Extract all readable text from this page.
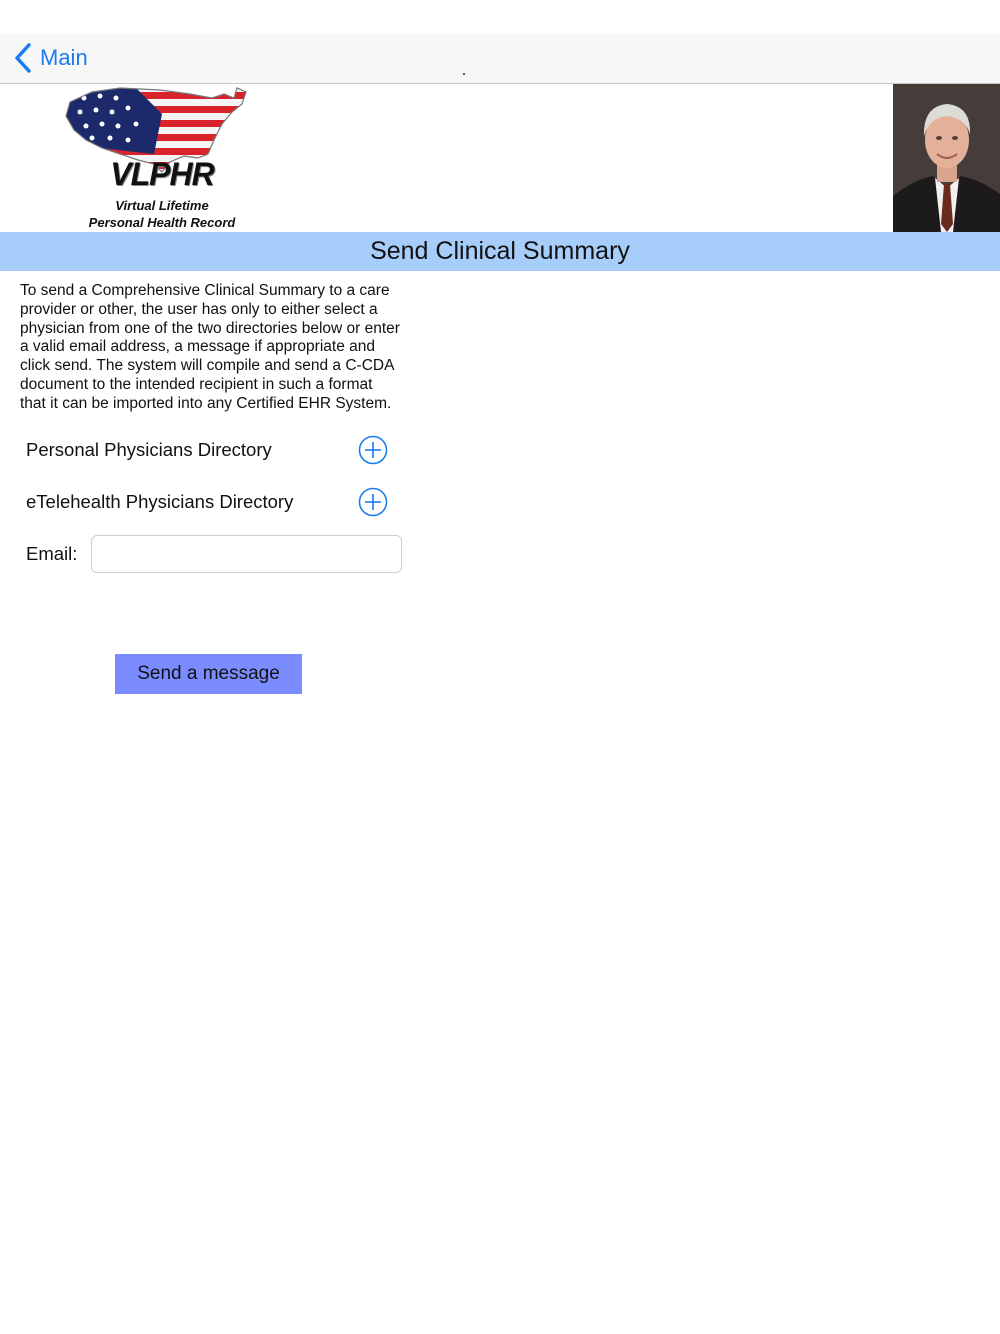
Main
VLPHR
Virtual Lifetime
Personal Health Record
Send Clinical Summary
To send a Comprehensive Clinical Summary to a care provider or other, the user has only to either select a physician from one of the two directories below or enter a valid email address, a message if appropriate and click send. The system will compile and send a C-CDA document to the intended recipient in such a format that it can be imported into any Certified EHR System.
Personal Physicians Directory
eTelehealth Physicians Directory
Email:
Send a message
